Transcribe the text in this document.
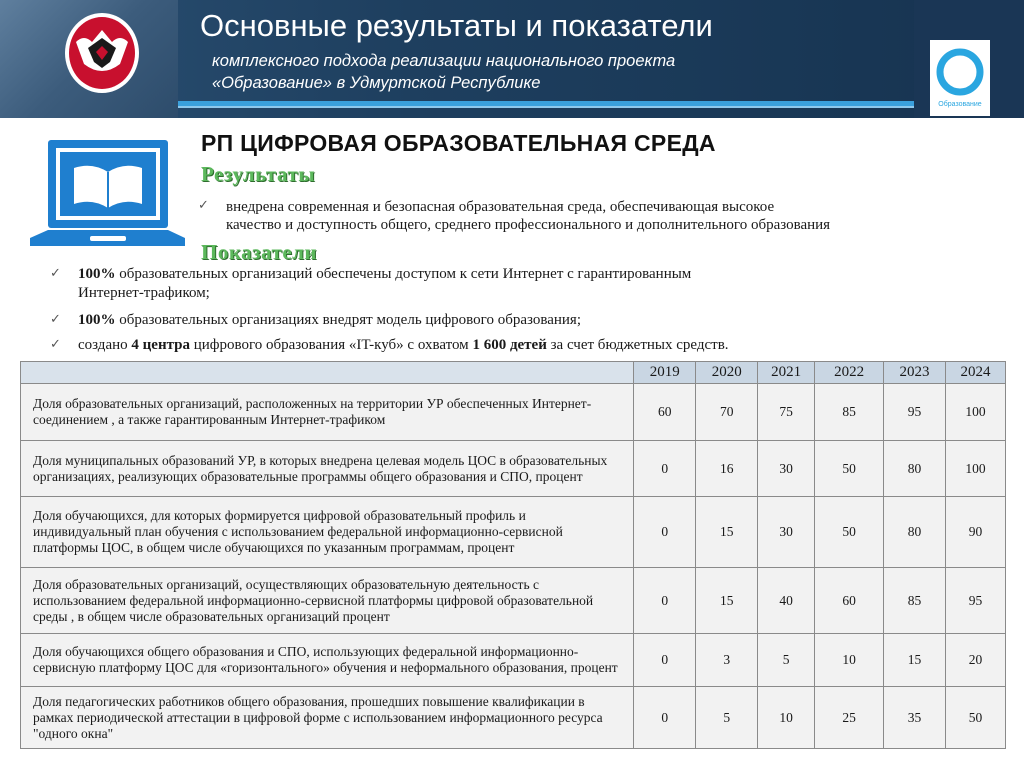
Основные результаты и показатели
комплексного подхода реализации национального проекта
«Образование» в Удмуртской Республике
Образование
РП ЦИФРОВАЯ ОБРАЗОВАТЕЛЬНАЯ СРЕДА
Результаты
✓ внедрена современная и безопасная образовательная среда, обеспечивающая высокое
качество и доступность общего, среднего профессионального и дополнительного образования
Показатели
✓ 100% образовательных организаций обеспечены доступом к сети Интернет с гарантированным
Интернет-трафиком;
✓ 100% образовательных организациях внедрят модель цифрового образования;
✓ создано 4 центра цифрового образования «IT-куб» с охватом 1 600 детей за счет бюджетных средств.
	2019	2020	2021	2022	2023	2024
Доля образовательных организаций, расположенных на территории УР обеспеченных Интернет-соединением , а также гарантированным Интернет-трафиком	60	70	75	85	95	100
Доля муниципальных образований УР, в которых внедрена целевая модель ЦОС в образовательных организациях, реализующих образовательные программы общего образования и СПО, процент	0	16	30	50	80	100
Доля обучающихся, для которых формируется цифровой образовательный профиль и индивидуальный план обучения с использованием федеральной информационно-сервисной платформы ЦОС, в общем числе обучающихся по указанным программам, процент	0	15	30	50	80	90
Доля образовательных организаций, осуществляющих образовательную деятельность с использованием федеральной информационно-сервисной платформы цифровой образовательной среды , в общем числе образовательных организаций процент	0	15	40	60	85	95
Доля обучающихся общего образования и СПО, использующих федеральной информационно-сервисную платформу ЦОС для «горизонтального» обучения и неформального образования, процент	0	3	5	10	15	20
Доля педагогических работников общего образования, прошедших повышение квалификации в рамках периодической аттестации в цифровой форме с использованием информационного ресурса "одного окна"	0	5	10	25	35	50
